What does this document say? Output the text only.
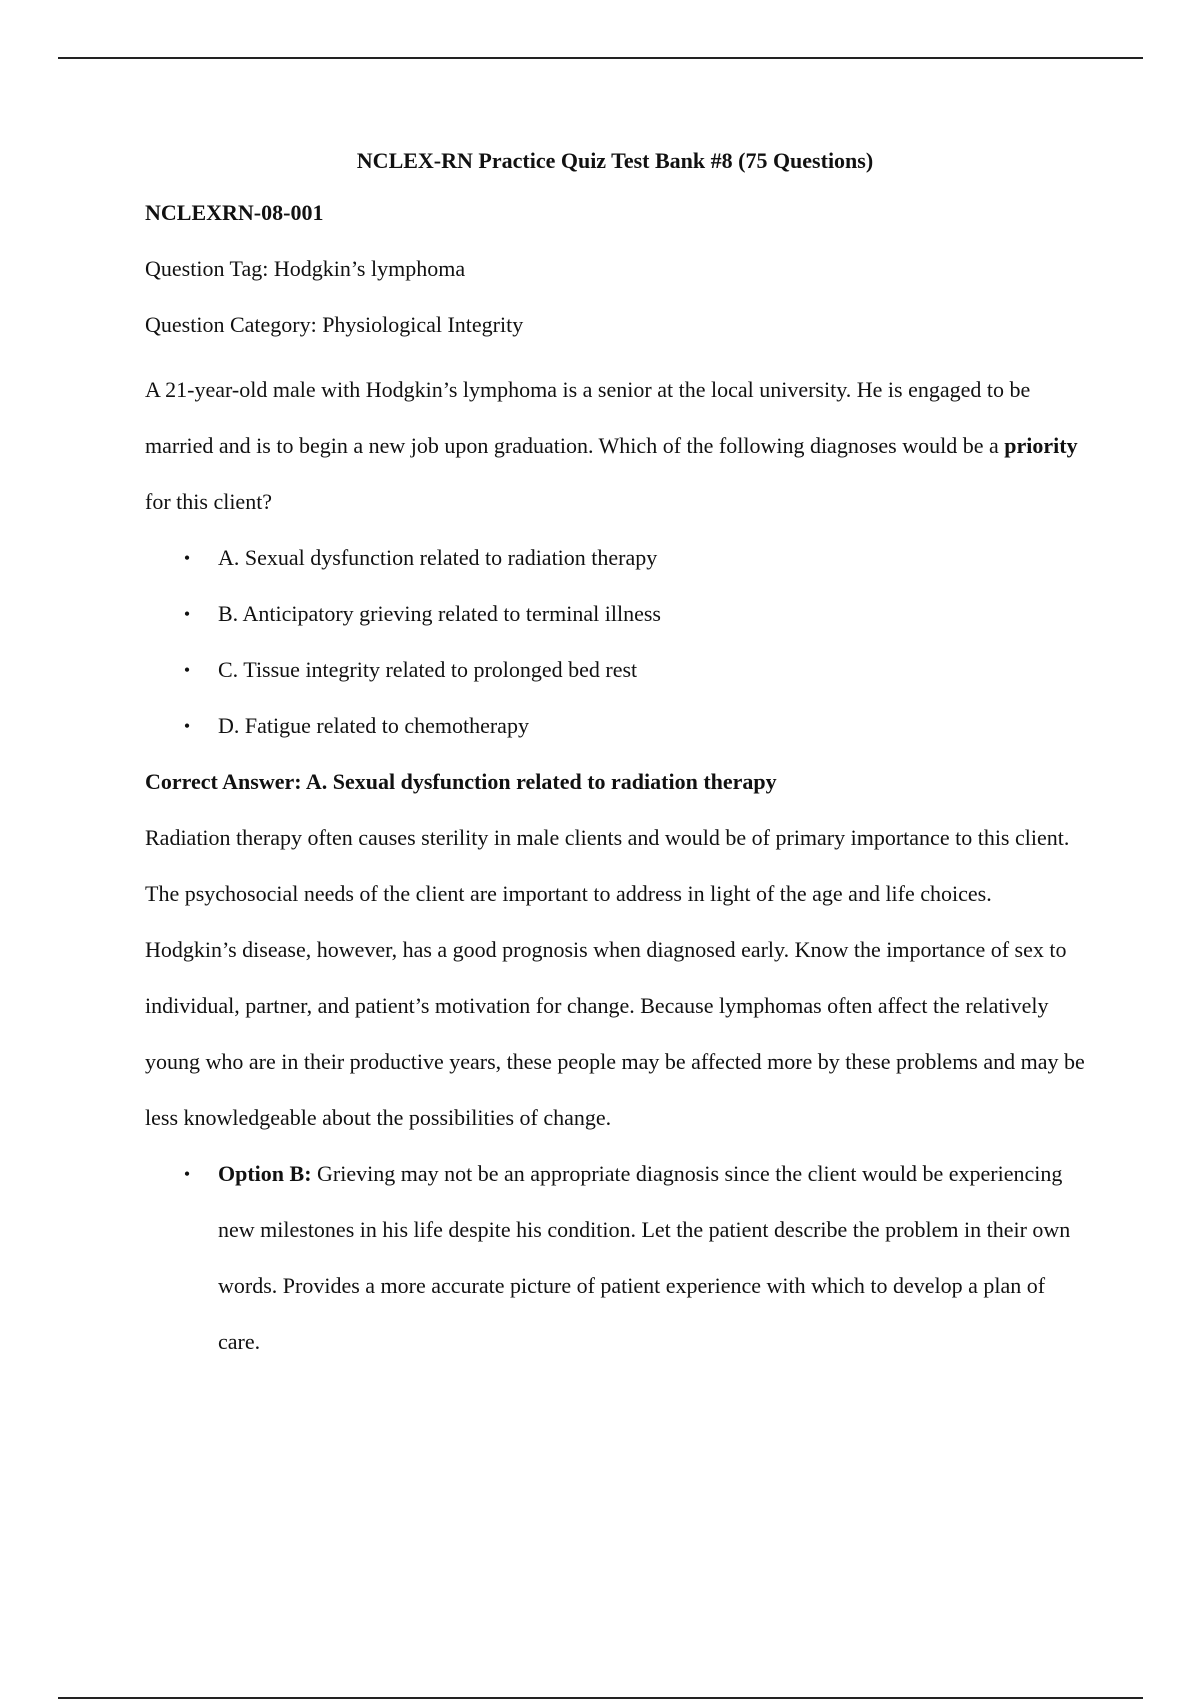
NCLEX-RN Practice Quiz Test Bank #8 (75 Questions)
NCLEXRN-08-001
Question Tag: Hodgkin’s lymphoma
Question Category: Physiological Integrity

A 21-year-old male with Hodgkin’s lymphoma is a senior at the local university. He is engaged to be married and is to begin a new job upon graduation. Which of the following diagnoses would be a priority for this client?

• A. Sexual dysfunction related to radiation therapy
• B. Anticipatory grieving related to terminal illness
• C. Tissue integrity related to prolonged bed rest
• D. Fatigue related to chemotherapy
Correct Answer: A. Sexual dysfunction related to radiation therapy

Radiation therapy often causes sterility in male clients and would be of primary importance to this client. The psychosocial needs of the client are important to address in light of the age and life choices. Hodgkin’s disease, however, has a good prognosis when diagnosed early. Know the importance of sex to individual, partner, and patient’s motivation for change. Because lymphomas often affect the relatively young who are in their productive years, these people may be affected more by these problems and may be less knowledgeable about the possibilities of change.

• Option B: Grieving may not be an appropriate diagnosis since the client would be experiencing new milestones in his life despite his condition. Let the patient describe the problem in their own words. Provides a more accurate picture of patient experience with which to develop a plan of care.
